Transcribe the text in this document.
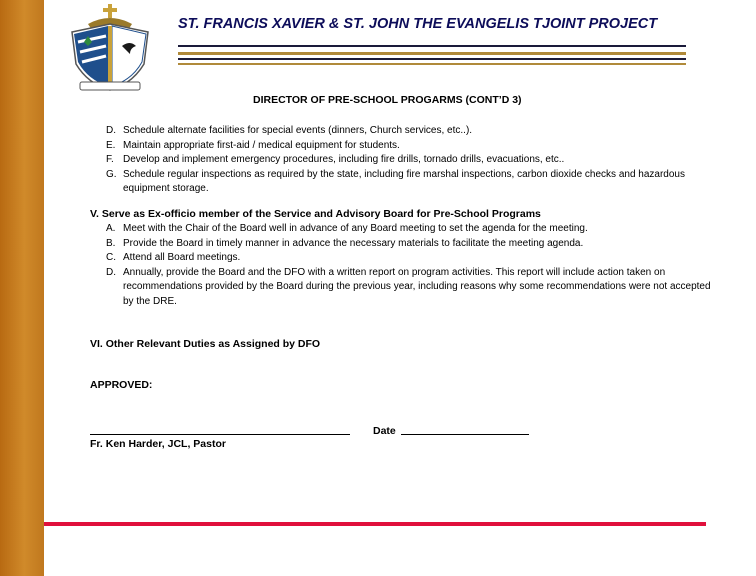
ST. FRANCIS XAVIER & ST. JOHN THE EVANGELIS TJOINT PROJECT
DIRECTOR OF PRE-SCHOOL PROGARMS (CONT’D 3)
D. Schedule alternate facilities for special events (dinners, Church services, etc..).
E. Maintain appropriate first-aid / medical equipment for students.
F. Develop and implement emergency procedures, including fire drills, tornado drills, evacuations, etc..
G. Schedule regular inspections as required by the state, including fire marshal inspections, carbon dioxide checks and hazardous equipment storage.
V. Serve as Ex-officio member of the Service and Advisory Board for Pre-School Programs
A. Meet with the Chair of the Board well in advance of any Board meeting to set the agenda for the meeting.
B. Provide the Board in timely manner in advance the necessary materials to facilitate the meeting agenda.
C. Attend all Board meetings.
D. Annually, provide the Board and the DFO with a written report on program activities. This report will include action taken on recommendations provided by the Board during the previous year, including reasons why some recommendations were not accepted by the DRE.
VI. Other Relevant Duties as Assigned by DFO
APPROVED:
Fr. Ken Harder, JCL, Pastor
Date
